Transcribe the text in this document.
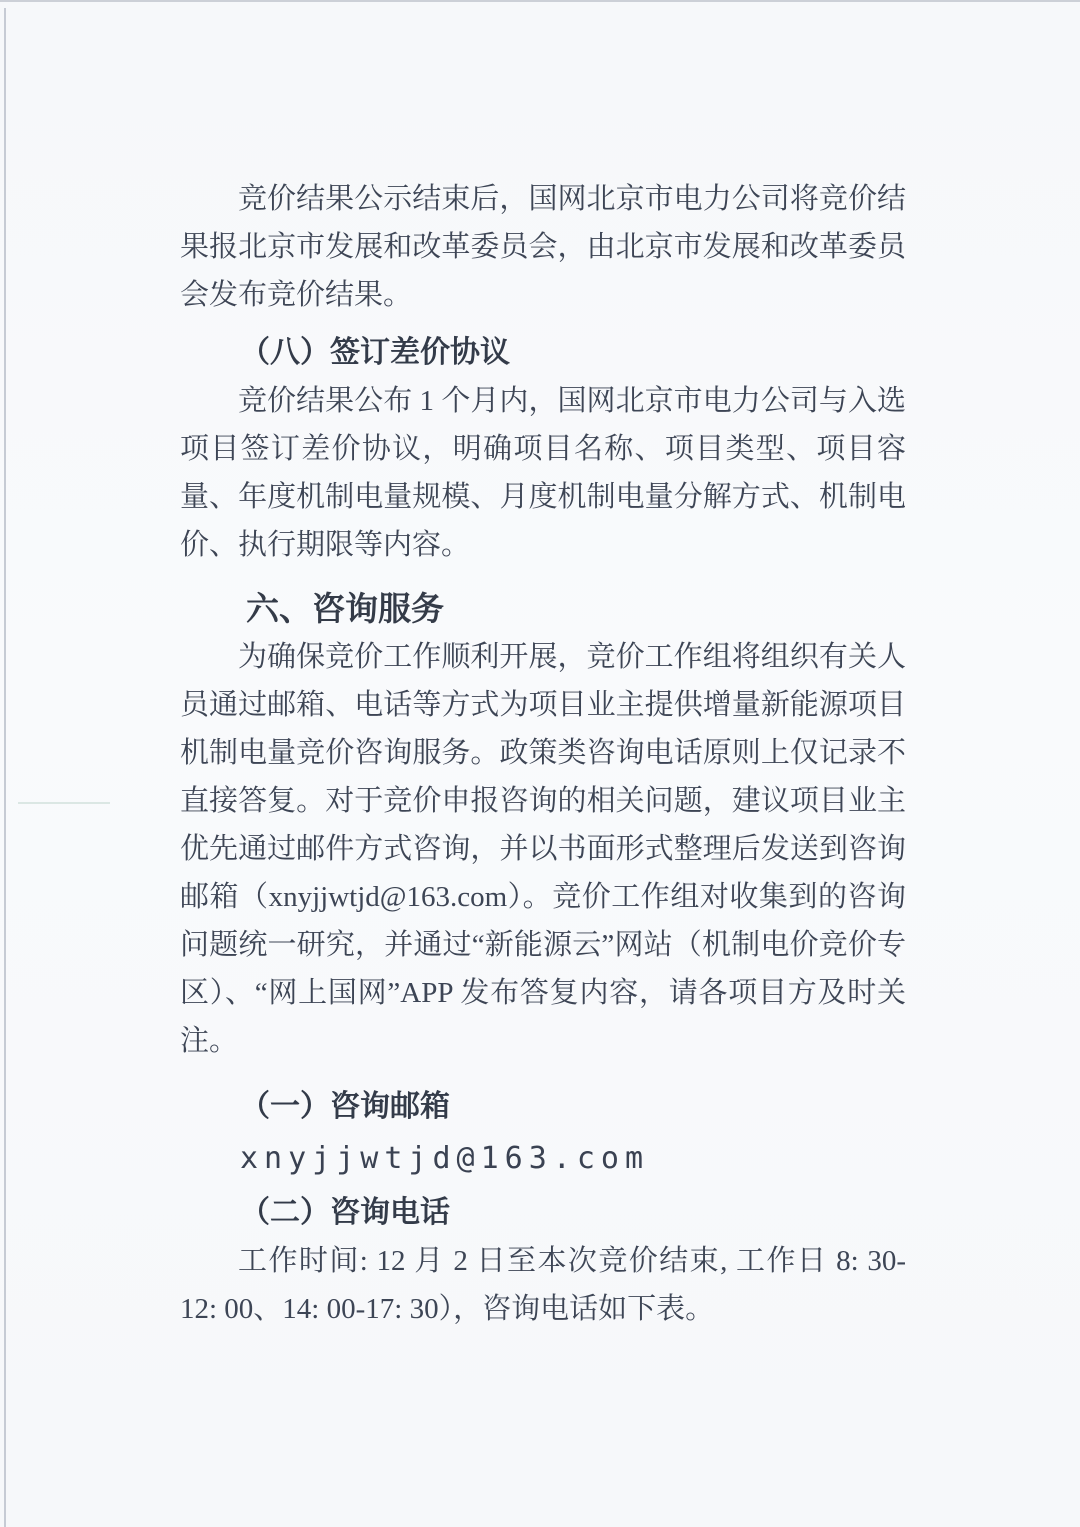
竞价结果公示结束后，国网北京市电力公司将竞价结果报北京市发展和改革委员会，由北京市发展和改革委员会发布竞价结果。

（八）签订差价协议

竞价结果公布 1 个月内，国网北京市电力公司与入选项目签订差价协议，明确项目名称、项目类型、项目容量、年度机制电量规模、月度机制电量分解方式、机制电价、执行期限等内容。

六、咨询服务

为确保竞价工作顺利开展，竞价工作组将组织有关人员通过邮箱、电话等方式为项目业主提供增量新能源项目机制电量竞价咨询服务。政策类咨询电话原则上仅记录不直接答复。对于竞价申报咨询的相关问题，建议项目业主优先通过邮件方式咨询，并以书面形式整理后发送到咨询邮箱（xnyjjwtjd@163.com）。竞价工作组对收集到的咨询问题统一研究，并通过“新能源云”网站（机制电价竞价专区）、“网上国网”APP 发布答复内容，请各项目方及时关注。

（一）咨询邮箱

xnyjjwtjd@163.com

（二）咨询电话

工作时间: 12 月 2 日至本次竞价结束, 工作日 8: 30-12: 00、14: 00-17: 30），咨询电话如下表。
